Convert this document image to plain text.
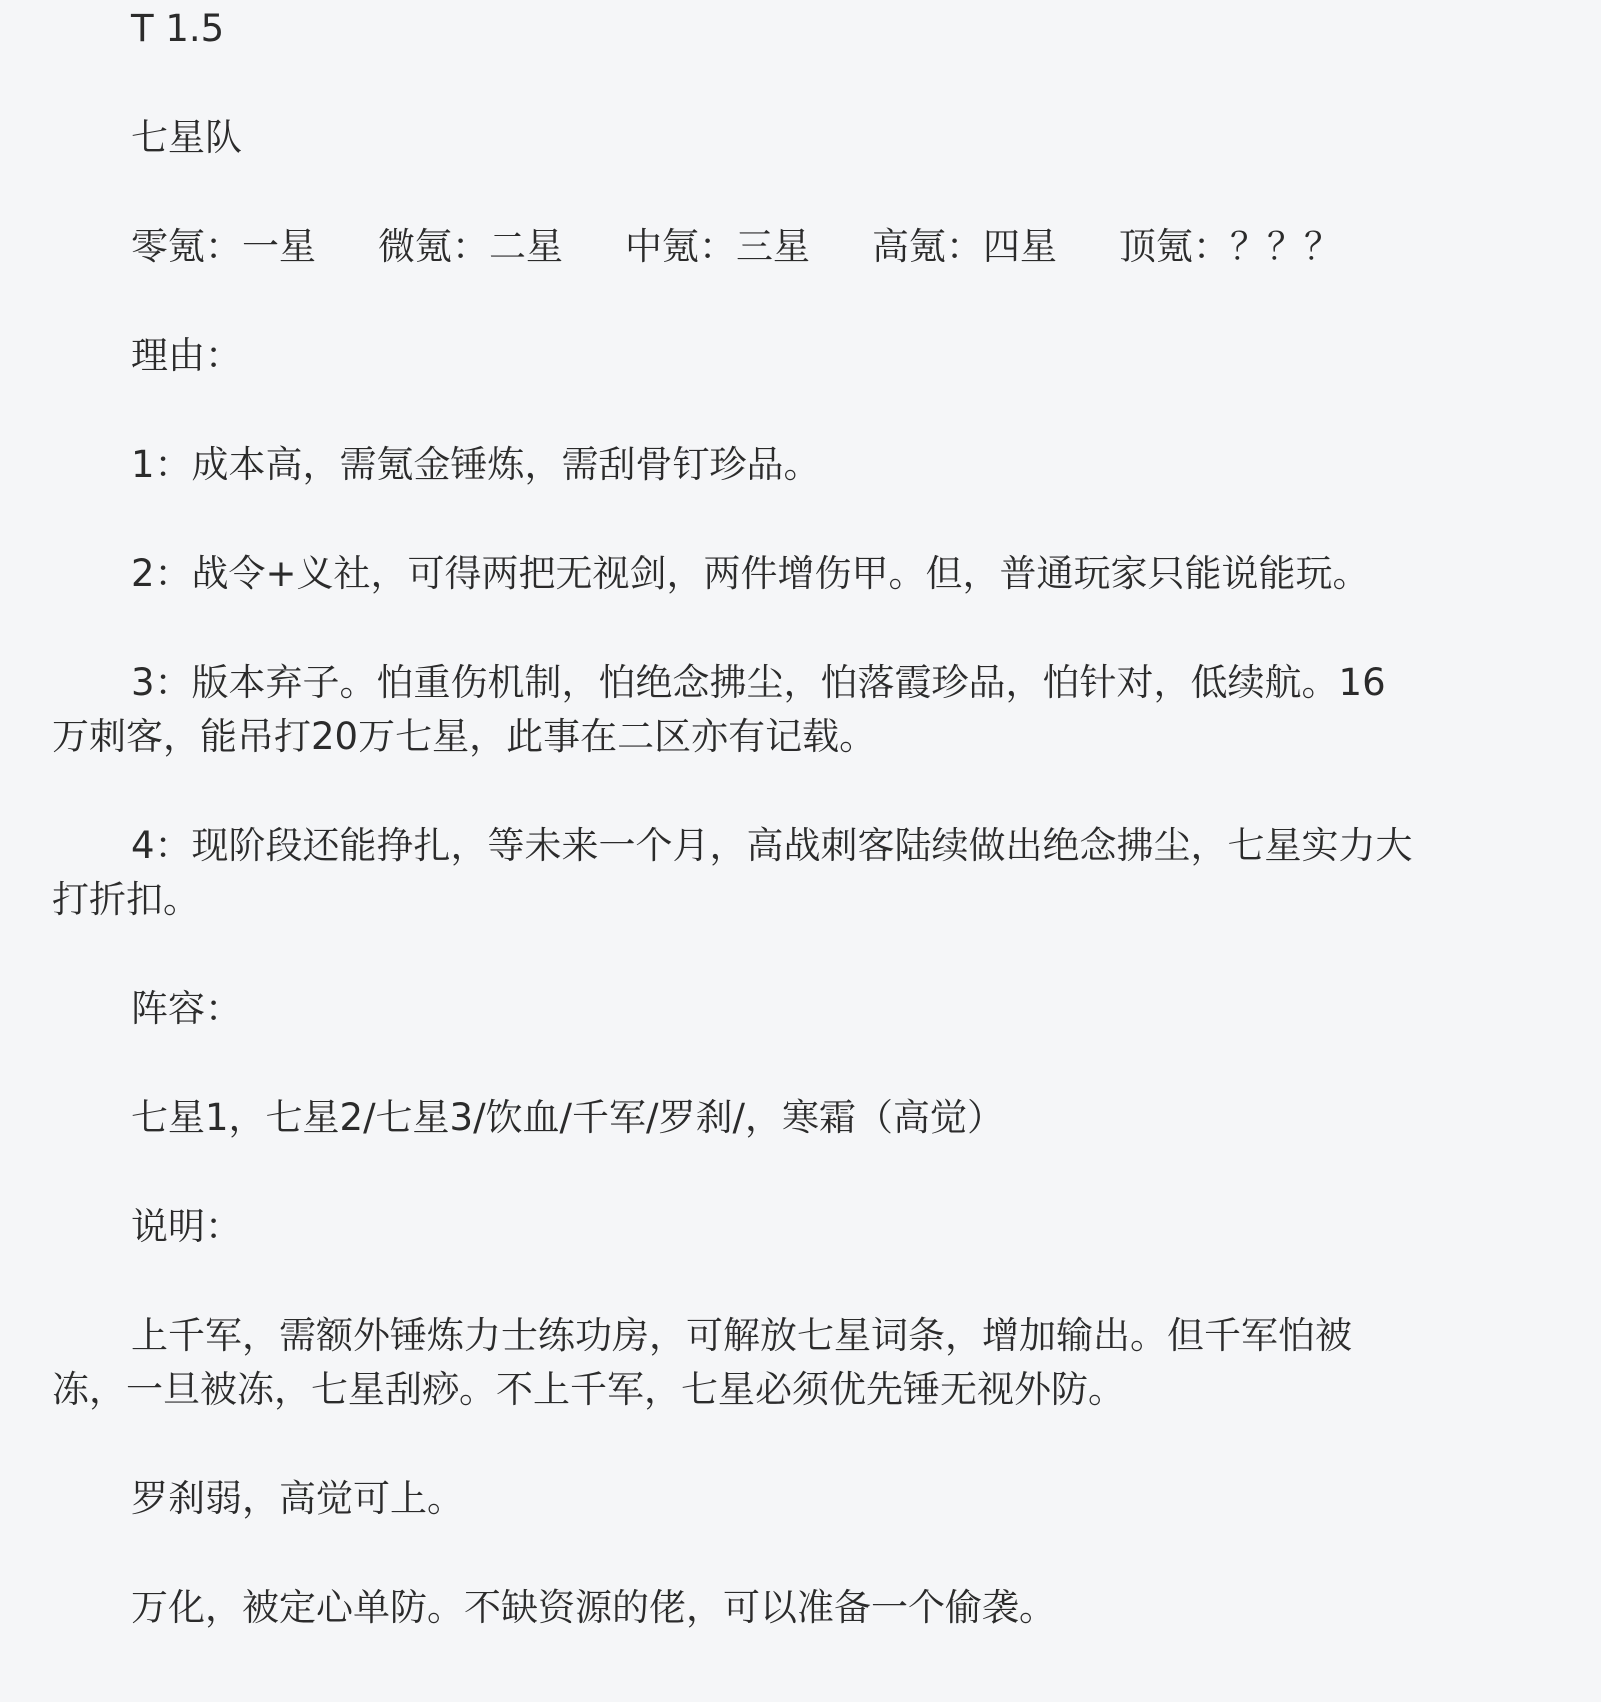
T 1.5

七星队

零氪：一星 微氪：二星 中氪：三星 高氪：四星 顶氪：？？？

理由：

1：成本高，需氪金锤炼，需刮骨钉珍品。

2：战令+义社，可得两把无视剑，两件增伤甲。但，普通玩家只能说能玩。

3：版本弃子。怕重伤机制，怕绝念拂尘，怕落霞珍品，怕针对，低续航。16万刺客，能吊打20万七星，此事在二区亦有记载。

4：现阶段还能挣扎，等未来一个月，高战刺客陆续做出绝念拂尘，七星实力大打折扣。

阵容：

七星1，七星2/七星3/饮血/千军/罗刹/，寒霜（高觉）

说明：

上千军，需额外锤炼力士练功房，可解放七星词条，增加输出。但千军怕被冻，一旦被冻，七星刮痧。不上千军，七星必须优先锤无视外防。

罗刹弱，高觉可上。

万化，被定心单防。不缺资源的佬，可以准备一个偷袭。
